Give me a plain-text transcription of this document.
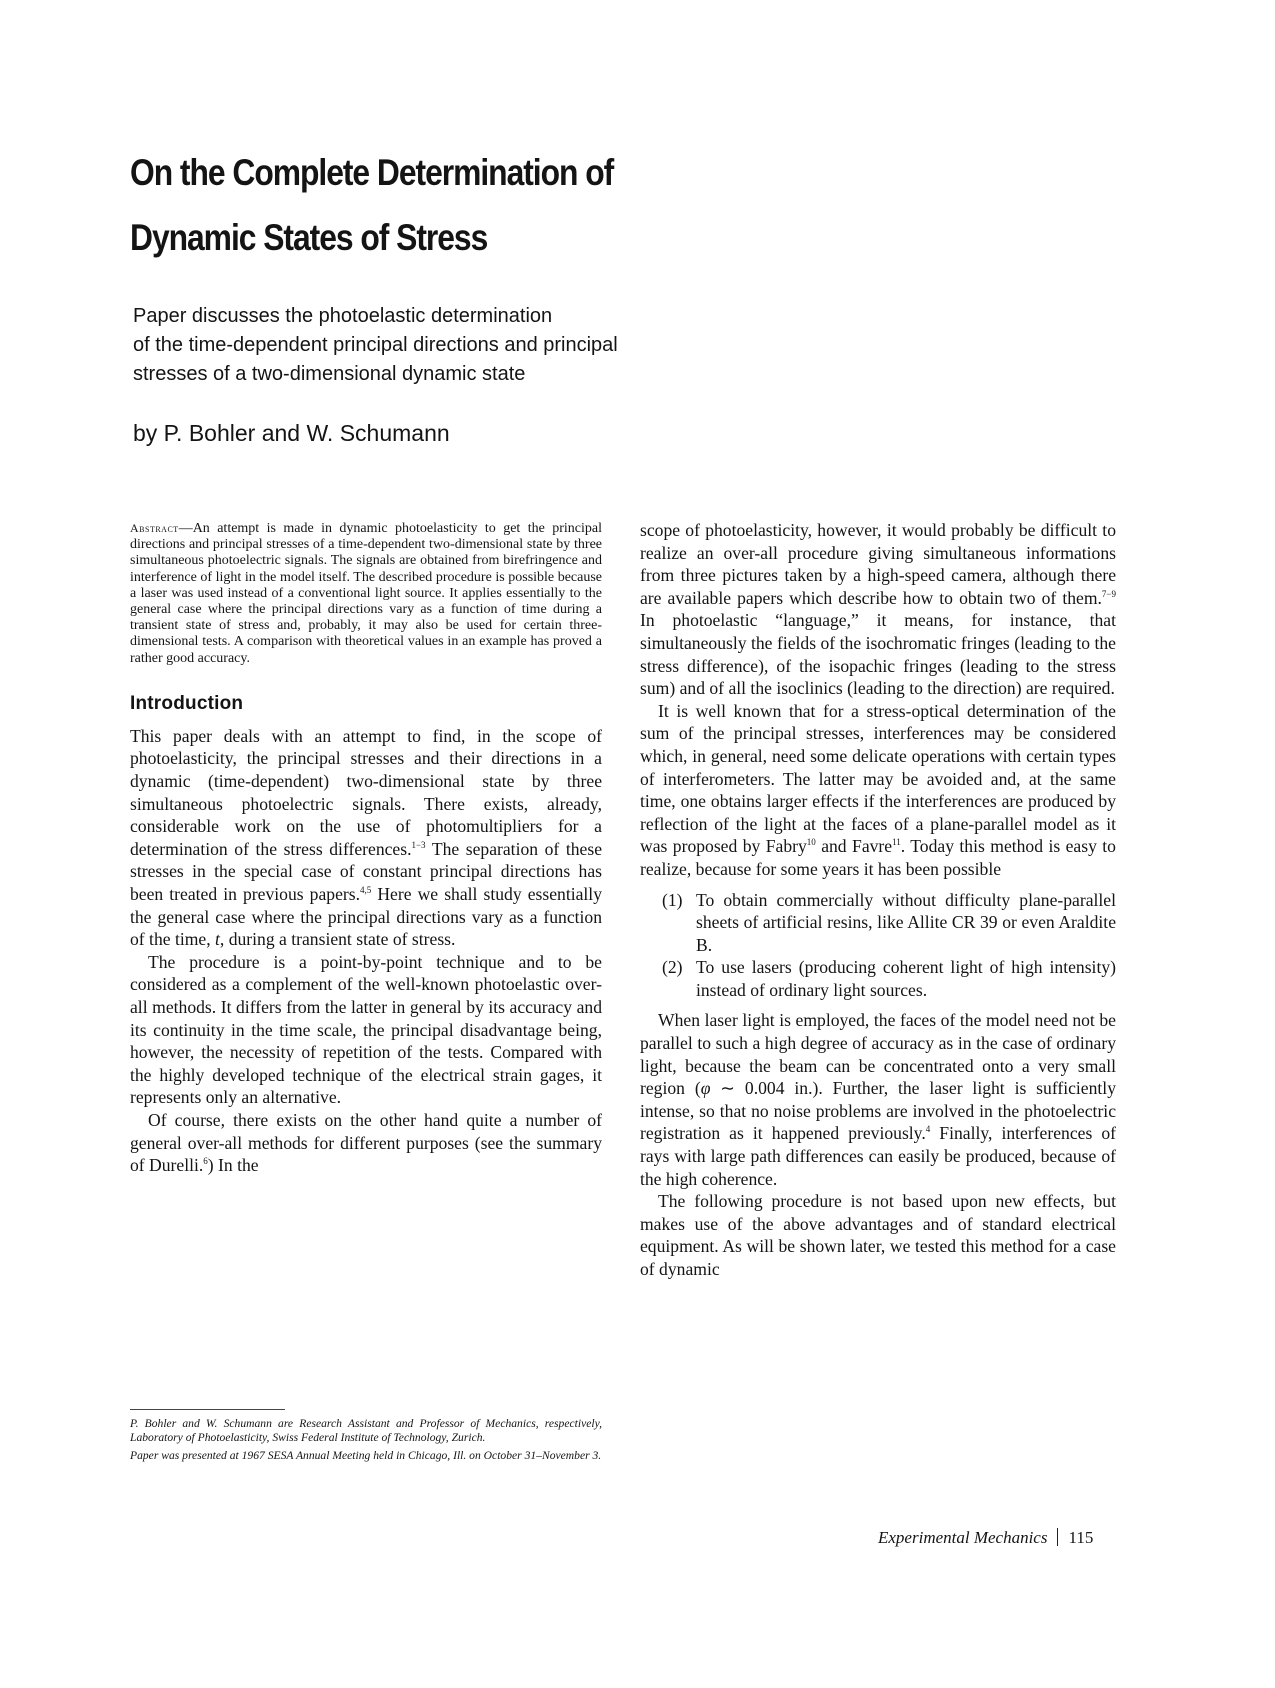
On the Complete Determination of
Dynamic States of Stress
Paper discusses the photoelastic determination
of the time-dependent principal directions and principal
stresses of a two-dimensional dynamic state
by P. Bohler and W. Schumann

Abstract—An attempt is made in dynamic photoelasticity to get the principal directions and principal stresses of a time-dependent two-dimensional state by three simultaneous photoelectric signals. The signals are obtained from birefringence and interference of light in the model itself. The described procedure is possible because a laser was used instead of a conventional light source. It applies essentially to the general case where the principal directions vary as a function of time during a transient state of stress and, probably, it may also be used for certain three-dimensional tests. A comparison with theoretical values in an example has proved a rather good accuracy.

Introduction

This paper deals with an attempt to find, in the scope of photoelasticity, the principal stresses and their directions in a dynamic (time-dependent) two-dimensional state by three simultaneous photoelectric signals. There exists, already, considerable work on the use of photomultipliers for a determination of the stress differences.$^{1-3}$ The separation of these stresses in the special case of constant principal directions has been treated in previous papers.$^{4,5}$ Here we shall study essentially the general case where the principal directions vary as a function of the time, t, during a transient state of stress.

The procedure is a point-by-point technique and to be considered as a complement of the well-known photoelastic over-all methods. It differs from the latter in general by its accuracy and its continuity in the time scale, the principal disadvantage being, however, the necessity of repetition of the tests. Compared with the highly developed technique of the electrical strain gages, it represents only an alternative.

Of course, there exists on the other hand quite a number of general over-all methods for different purposes (see the summary of Durelli.$^6$) In the

P. Bohler and W. Schumann are Research Assistant and Professor of Mechanics, respectively, Laboratory of Photoelasticity, Swiss Federal Institute of Technology, Zurich.

Paper was presented at 1967 SESA Annual Meeting held in Chicago, Ill. on October 31–November 3.

scope of photoelasticity, however, it would probably be difficult to realize an over-all procedure giving simultaneous informations from three pictures taken by a high-speed camera, although there are available papers which describe how to obtain two of them.$^{7-9}$ In photoelastic “language,” it means, for instance, that simultaneously the fields of the isochromatic fringes (leading to the stress difference), of the isopachic fringes (leading to the stress sum) and of all the isoclinics (leading to the direction) are required.

It is well known that for a stress-optical determination of the sum of the principal stresses, interferences may be considered which, in general, need some delicate operations with certain types of interferometers. The latter may be avoided and, at the same time, one obtains larger effects if the interferences are produced by reflection of the light at the faces of a plane-parallel model as it was proposed by Fabry$^{10}$ and Favre$^{11}$. Today this method is easy to realize, because for some years it has been possible

(1) To obtain commercially without difficulty plane-parallel sheets of artificial resins, like Allite CR 39 or even Araldite B.
(2) To use lasers (producing coherent light of high intensity) instead of ordinary light sources.

When laser light is employed, the faces of the model need not be parallel to such a high degree of accuracy as in the case of ordinary light, because the beam can be concentrated onto a very small region (φ ∼ 0.004 in.). Further, the laser light is sufficiently intense, so that no noise problems are involved in the photoelectric registration as it happened previously.$^4$ Finally, interferences of rays with large path differences can easily be produced, because of the high coherence.

The following procedure is not based upon new effects, but makes use of the above advantages and of standard electrical equipment. As will be shown later, we tested this method for a case of dynamic

Experimental Mechanics 115
